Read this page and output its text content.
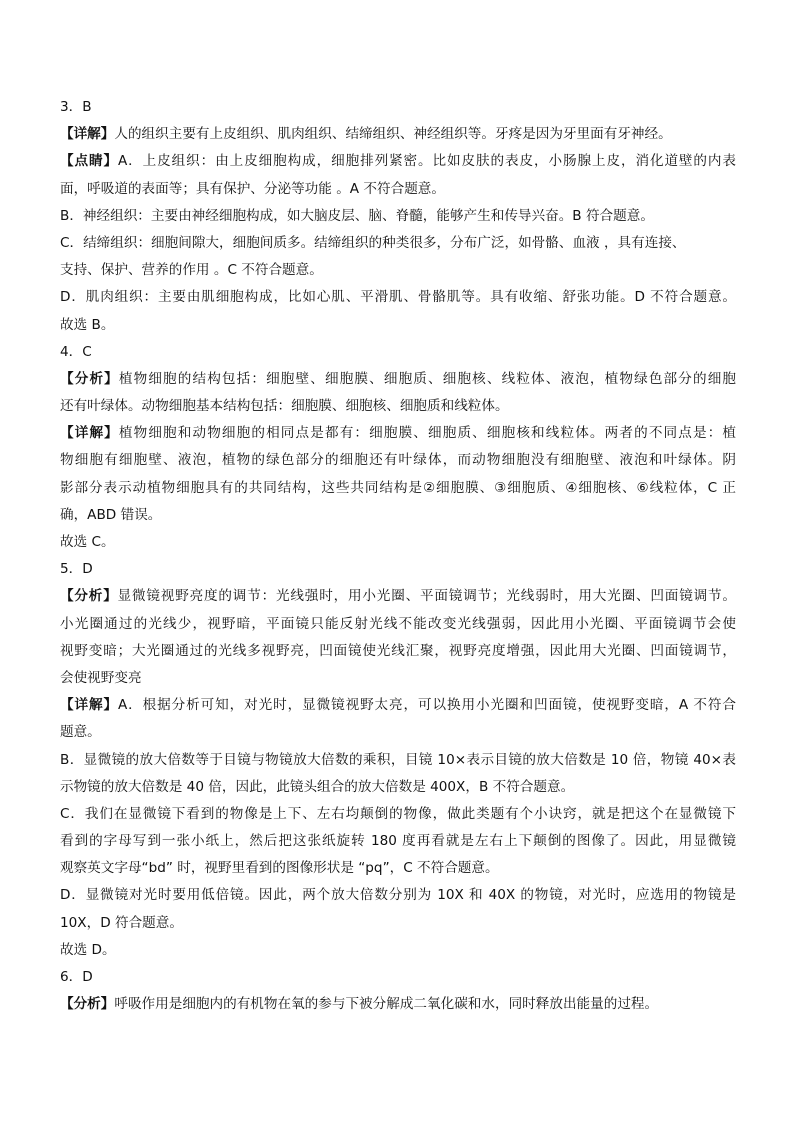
3．B
【详解】人的组织主要有上皮组织、肌肉组织、结缔组织、神经组织等。牙疼是因为牙里面有牙神经。
【点睛】A．上皮组织：由上皮细胞构成，细胞排列紧密。比如皮肤的表皮，小肠腺上皮，消化道壁的内表
面，呼吸道的表面等；具有保护、分泌等功能 。A 不符合题意。
B．神经组织：主要由神经细胞构成，如大脑皮层、脑、脊髓，能够产生和传导兴奋。B 符合题意。
C．结缔组织：细胞间隙大，细胞间质多。结缔组织的种类很多，分布广泛，如骨骼、血液 ，具有连接、
支持、保护、营养的作用 。C 不符合题意。
D．肌肉组织：主要由肌细胞构成，比如心肌、平滑肌、骨骼肌等。具有收缩、舒张功能。D 不符合题意。
故选 B。
4．C
【分析】植物细胞的结构包括：细胞壁、细胞膜、细胞质、细胞核、线粒体、液泡，植物绿色部分的细胞
还有叶绿体。动物细胞基本结构包括：细胞膜、细胞核、细胞质和线粒体。
【详解】植物细胞和动物细胞的相同点是都有：细胞膜、细胞质、细胞核和线粒体。两者的不同点是：植
物细胞有细胞壁、液泡，植物的绿色部分的细胞还有叶绿体，而动物细胞没有细胞壁、液泡和叶绿体。阴
影部分表示动植物细胞具有的共同结构，这些共同结构是②细胞膜、③细胞质、④细胞核、⑥线粒体，C 正
确，ABD 错误。
故选 C。
5．D
【分析】显微镜视野亮度的调节：光线强时，用小光圈、平面镜调节；光线弱时，用大光圈、凹面镜调节。
小光圈通过的光线少，视野暗，平面镜只能反射光线不能改变光线强弱，因此用小光圈、平面镜调节会使
视野变暗；大光圈通过的光线多视野亮，凹面镜使光线汇聚，视野亮度增强，因此用大光圈、凹面镜调节，
会使视野变亮
【详解】A．根据分析可知，对光时，显微镜视野太亮，可以换用小光圈和凹面镜，使视野变暗，A 不符合
题意。
B．显微镜的放大倍数等于目镜与物镜放大倍数的乘积，目镜 10×表示目镜的放大倍数是 10 倍，物镜 40×表
示物镜的放大倍数是 40 倍，因此，此镜头组合的放大倍数是 400X，B 不符合题意。
C．我们在显微镜下看到的物像是上下、左右均颠倒的物像，做此类题有个小诀窍，就是把这个在显微镜下
看到的字母写到一张小纸上，然后把这张纸旋转 180 度再看就是左右上下颠倒的图像了。因此，用显微镜
观察英文字母“bd” 时，视野里看到的图像形状是 “pq”，C 不符合题意。
D．显微镜对光时要用低倍镜。因此，两个放大倍数分别为 10X 和 40X 的物镜，对光时，应选用的物镜是
10X，D 符合题意。
故选 D。
6．D
【分析】呼吸作用是细胞内的有机物在氧的参与下被分解成二氧化碳和水，同时释放出能量的过程。
